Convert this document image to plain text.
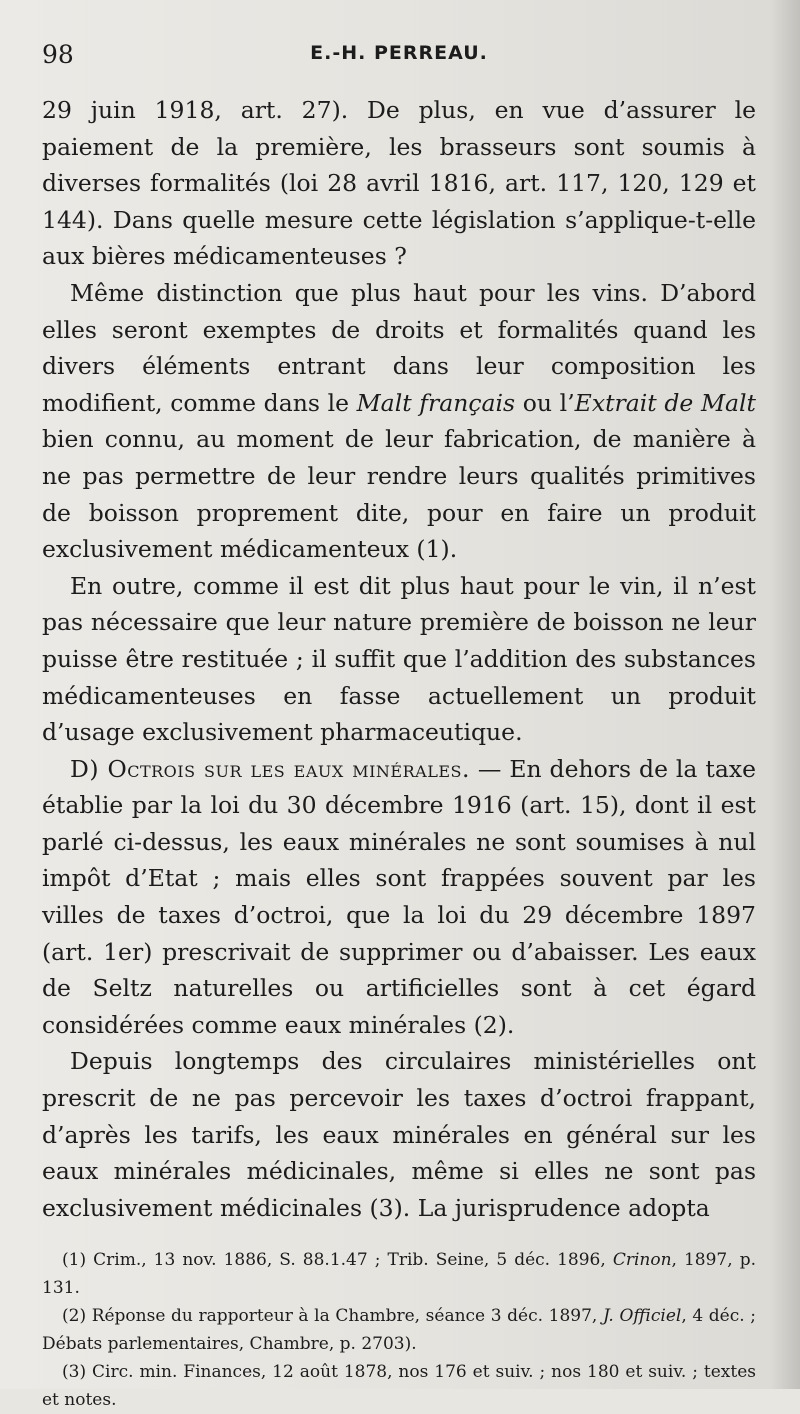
98	E.-H. PERREAU.

29 juin 1918, art. 27). De plus, en vue d’assurer le paiement de la première, les brasseurs sont soumis à diverses formalités (loi 28 avril 1816, art. 117, 120, 129 et 144). Dans quelle mesure cette législation s’applique-t-elle aux bières médicamenteuses ?

Même distinction que plus haut pour les vins. D’abord elles seront exemptes de droits et formalités quand les divers éléments entrant dans leur composition les modifient, comme dans le Malt français ou l’Extrait de Malt bien connu, au moment de leur fabrication, de manière à ne pas permettre de leur rendre leurs qualités primitives de boisson proprement dite, pour en faire un produit exclusivement médicamenteux (1).

En outre, comme il est dit plus haut pour le vin, il n’est pas nécessaire que leur nature première de boisson ne leur puisse être restituée ; il suffit que l’addition des substances médicamenteuses en fasse actuellement un produit d’usage exclusivement pharmaceutique.

D) Octrois sur les eaux minérales. — En dehors de la taxe établie par la loi du 30 décembre 1916 (art. 15), dont il est parlé ci-dessus, les eaux minérales ne sont soumises à nul impôt d’Etat ; mais elles sont frappées souvent par les villes de taxes d’octroi, que la loi du 29 décembre 1897 (art. 1er) prescrivait de supprimer ou d’abaisser. Les eaux de Seltz naturelles ou artificielles sont à cet égard considérées comme eaux minérales (2).

Depuis longtemps des circulaires ministérielles ont prescrit de ne pas percevoir les taxes d’octroi frappant, d’après les tarifs, les eaux minérales en général sur les eaux minérales médicinales, même si elles ne sont pas exclusivement médicinales (3). La jurisprudence adopta

(1) Crim., 13 nov. 1886, S. 88.1.47 ; Trib. Seine, 5 déc. 1896, Crinon, 1897, p. 131.

(2) Réponse du rapporteur à la Chambre, séance 3 déc. 1897, J. Officiel, 4 déc. ; Débats parlementaires, Chambre, p. 2703).

(3) Circ. min. Finances, 12 août 1878, nos 176 et suiv. ; nos 180 et suiv. ; textes et notes.
